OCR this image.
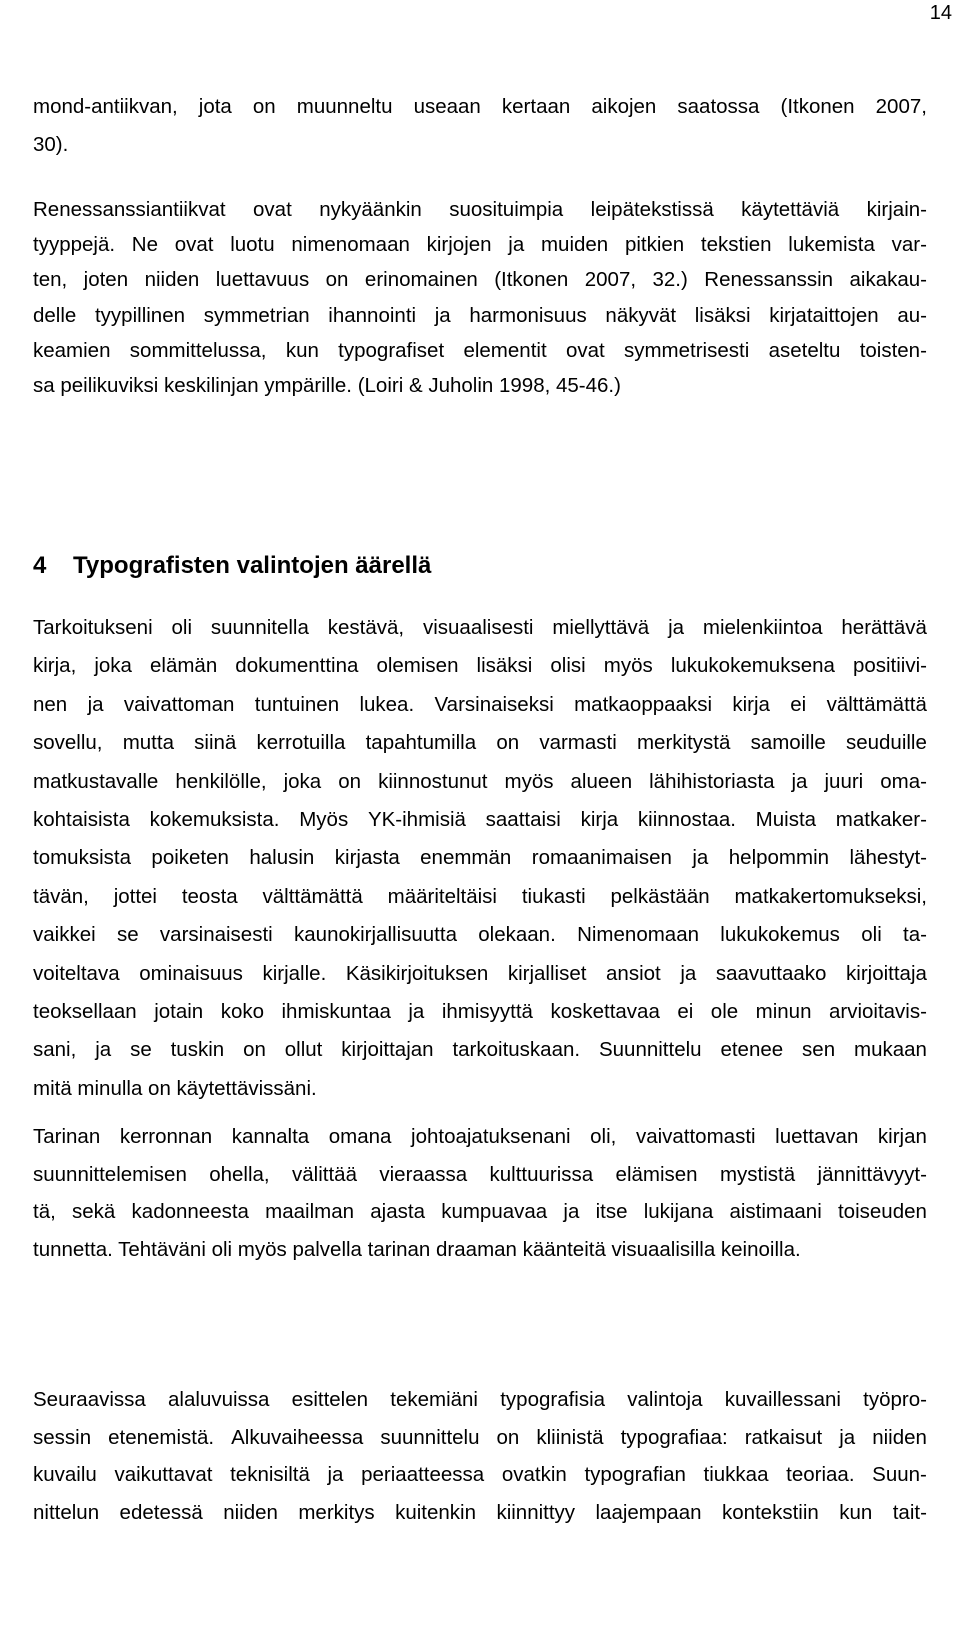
14
mond-antiikvan, jota on muunneltu useaan kertaan aikojen saatossa (Itkonen 2007,
30).
Renessanssiantiikvat ovat nykyäänkin suosituimpia leipätekstissä käytettäviä kirjain-
tyyppejä. Ne ovat luotu nimenomaan kirjojen ja muiden pitkien tekstien lukemista var-
ten, joten niiden luettavuus on erinomainen (Itkonen 2007, 32.) Renessanssin aikakau-
delle tyypillinen symmetrian ihannointi ja harmonisuus näkyvät lisäksi kirjataittojen au-
keamien sommittelussa, kun typografiset elementit ovat symmetrisesti aseteltu toisten-
sa peilikuviksi keskilinjan ympärille. (Loiri & Juholin 1998, 45-46.)
4 Typografisten valintojen äärellä
Tarkoitukseni oli suunnitella kestävä, visuaalisesti miellyttävä ja mielenkiintoa herättävä
kirja, joka elämän dokumenttina olemisen lisäksi olisi myös lukukokemuksena positiivi-
nen ja vaivattoman tuntuinen lukea. Varsinaiseksi matkaoppaaksi kirja ei välttämättä
sovellu, mutta siinä kerrotuilla tapahtumilla on varmasti merkitystä samoille seuduille
matkustavalle henkilölle, joka on kiinnostunut myös alueen lähihistoriasta ja juuri oma-
kohtaisista kokemuksista. Myös YK-ihmisiä saattaisi kirja kiinnostaa. Muista matkaker-
tomuksista poiketen halusin kirjasta enemmän romaanimaisen ja helpommin lähestyt-
tävän, jottei teosta välttämättä määriteltäisi tiukasti pelkästään matkakertomukseksi,
vaikkei se varsinaisesti kaunokirjallisuutta olekaan. Nimenomaan lukukokemus oli ta-
voiteltava ominaisuus kirjalle. Käsikirjoituksen kirjalliset ansiot ja saavuttaako kirjoittaja
teoksellaan jotain koko ihmiskuntaa ja ihmisyyttä koskettavaa ei ole minun arvioitavis-
sani, ja se tuskin on ollut kirjoittajan tarkoituskaan. Suunnittelu etenee sen mukaan
mitä minulla on käytettävissäni.
Tarinan kerronnan kannalta omana johtoajatuksenani oli, vaivattomasti luettavan kirjan
suunnittelemisen ohella, välittää vieraassa kulttuurissa elämisen mystistä jännittävyyt-
tä, sekä kadonneesta maailman ajasta kumpuavaa ja itse lukijana aistimaani toiseuden
tunnetta. Tehtäväni oli myös palvella tarinan draaman käänteitä visuaalisilla keinoilla.
Seuraavissa alaluvuissa esittelen tekemiäni typografisia valintoja kuvaillessani työpro-
sessin etenemistä. Alkuvaiheessa suunnittelu on kliinistä typografiaa: ratkaisut ja niiden
kuvailu vaikuttavat teknisiltä ja periaatteessa ovatkin typografian tiukkaa teoriaa. Suun-
nittelun edetessä niiden merkitys kuitenkin kiinnittyy laajempaan kontekstiin kun tait-
